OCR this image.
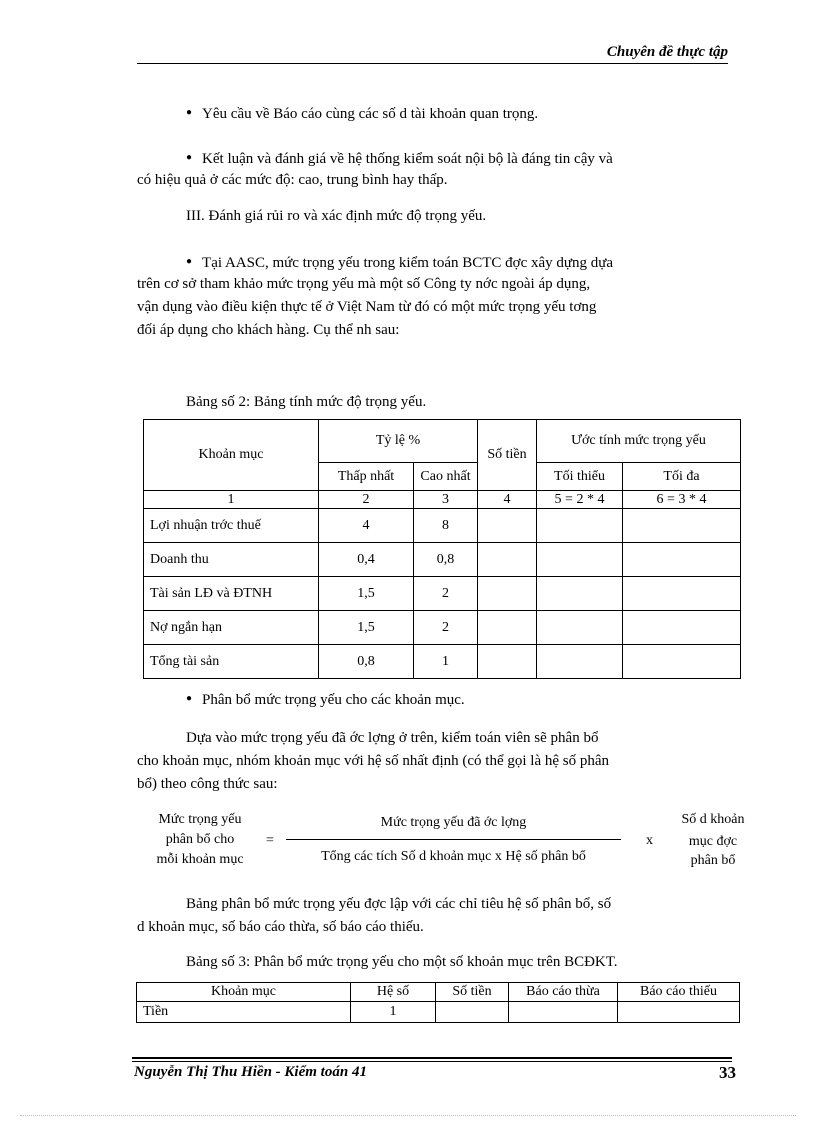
Chuyên đề thực tập
● Yêu cầu về Báo cáo cùng các số d tài khoản quan trọng.
● Kết luận và đánh giá về hệ thống kiểm soát nội bộ là đáng tin cậy và
có hiệu quả ở các mức độ: cao, trung bình hay thấp.
III. Đánh giá rủi ro và xác định mức độ trọng yếu.
● Tại AASC, mức trọng yếu trong kiểm toán BCTC đợc xây dựng dựa
trên cơ sở tham khảo mức trọng yếu mà một số Công ty nớc ngoài áp dụng,
vận dụng vào điều kiện thực tế ở Việt Nam từ đó có một mức trọng yếu tơng
đối áp dụng cho khách hàng. Cụ thể nh sau:
Bảng số 2: Bảng tính mức độ trọng yếu.
Khoản mục	Tỷ lệ %		Số tiền	Ước tính mức trọng yếu	
	Thấp nhất	Cao nhất		Tối thiểu	Tối đa
1	2	3	4	5 = 2 * 4	6 = 3 * 4
Lợi nhuận trớc thuế	4	8			
Doanh thu	0,4	0,8			
Tài sản LĐ và ĐTNH	1,5	2			
Nợ ngắn hạn	1,5	2			
Tổng tài sản	0,8	1			
● Phân bổ mức trọng yếu cho các khoản mục.
Dựa vào mức trọng yếu đã ớc lợng ở trên, kiểm toán viên sẽ phân bổ
cho khoản mục, nhóm khoản mục với hệ số nhất định (có thể gọi là hệ số phân
bổ) theo công thức sau:
Mức trọng yếu
phân bổ cho
mỗi khoản mục
=
Mức trọng yếu đã ớc lợng
Tổng các tích Số d khoản mục x Hệ số phân bổ
x
Số d khoản
mục đợc
phân bổ
Bảng phân bổ mức trọng yếu đợc lập với các chỉ tiêu hệ số phân bổ, số
d khoản mục, số báo cáo thừa, số báo cáo thiếu.
Bảng số 3: Phân bổ mức trọng yếu cho một số khoản mục trên BCĐKT.
Khoản mục	Hệ số	Số tiền	Báo cáo thừa	Báo cáo thiếu
Tiền	1			
Nguyễn Thị Thu Hiền - Kiểm toán 41	33
